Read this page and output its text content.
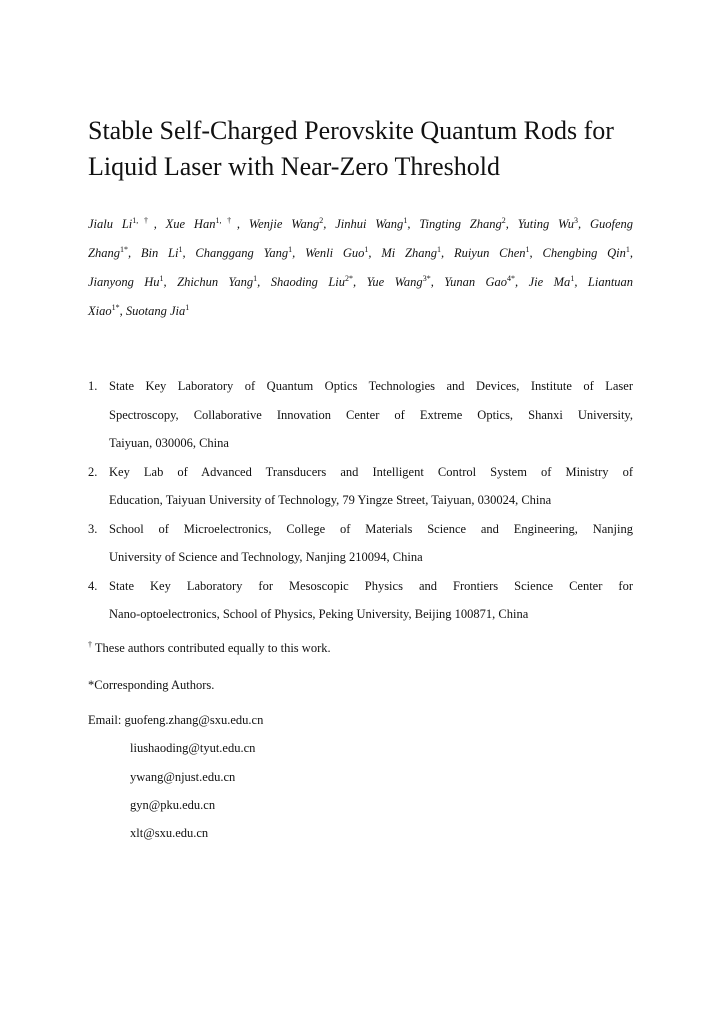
Stable Self-Charged Perovskite Quantum Rods for
Liquid Laser with Near-Zero Threshold
Jialu $Li^{1,\dagger}$, Xue Han$^{1,\dagger}$, Wenjie Wang$^2$, Jinhui Wang$^1$, Tingting Zhang$^2$, Yuting Wu$^3$, Guofeng
Zhang$^{1*}$, Bin Li$^1$, Changgang Yang$^1$, Wenli Guo$^1$, Mi Zhang$^1$, Ruiyun Chen$^1$, Chengbing Qin$^1$,
Jianyong Hu$^1$, Zhichun Yang$^1$, Shaoding Liu$^{2*}$, Yue Wang$^{3*}$, Yunan Gao$^{4*}$, Jie Ma$^1$, Liantuan
Xiao$^{1*}$, Suotang Jia$^1$
1. State Key Laboratory of Quantum Optics Technologies and Devices, Institute of Laser
Spectroscopy, Collaborative Innovation Center of Extreme Optics, Shanxi University,
Taiyuan, 030006, China
2. Key Lab of Advanced Transducers and Intelligent Control System of Ministry of
Education, Taiyuan University of Technology, 79 Yingze Street, Taiyuan, 030024, China
3. School of Microelectronics, College of Materials Science and Engineering, Nanjing
University of Science and Technology, Nanjing 210094, China
4. State Key Laboratory for Mesoscopic Physics and Frontiers Science Center for
Nano-optoelectronics, School of Physics, Peking University, Beijing 100871, China
† These authors contributed equally to this work.
*Corresponding Authors.
Email: guofeng.zhang@sxu.edu.cn
liushaoding@tyut.edu.cn
ywang@njust.edu.cn
gyn@pku.edu.cn
xlt@sxu.edu.cn
